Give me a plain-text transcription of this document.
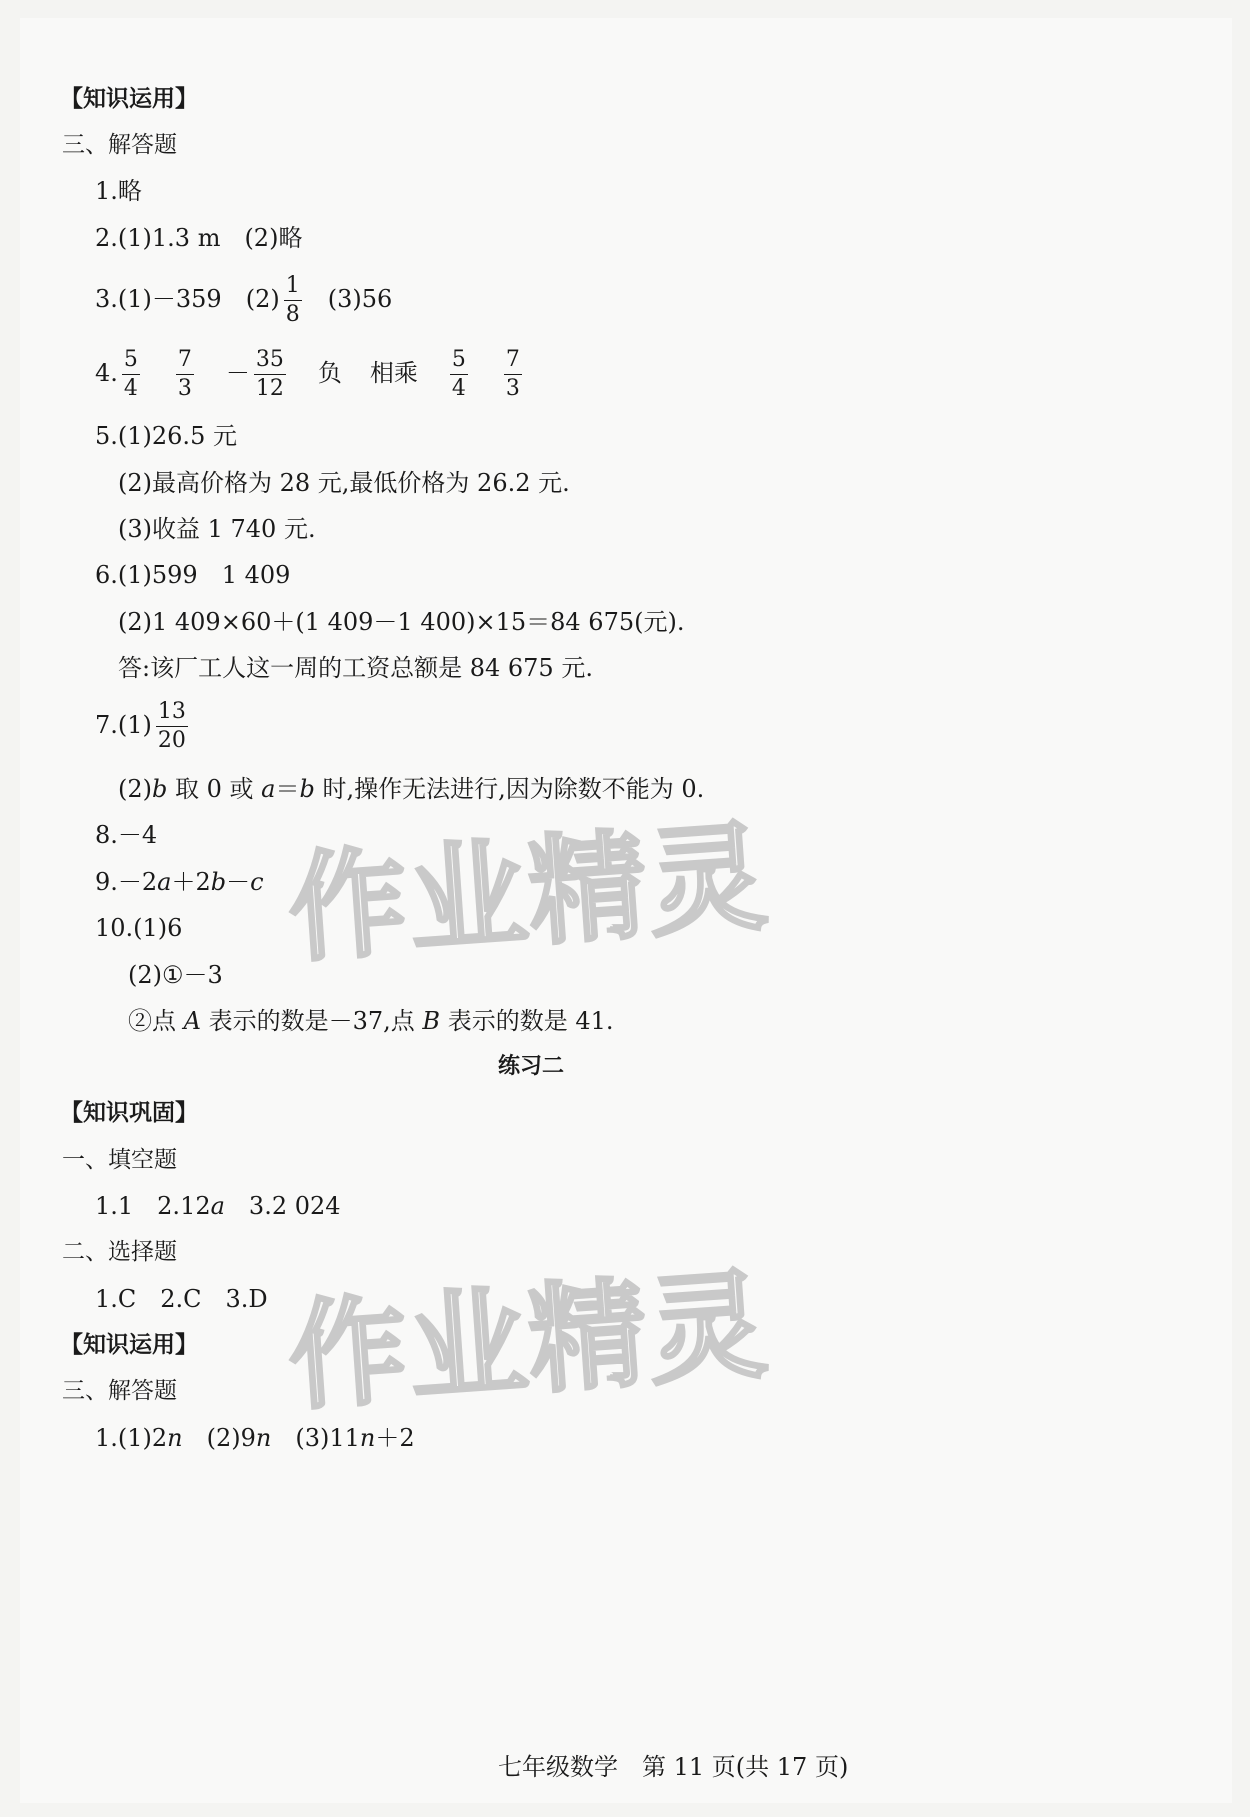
【知识运用】
三、解答题
1.略
2.(1)1.3 m　(2)略
3.(1)－359　$(2) \frac{1}{8} (3)56$
4. $\frac{5}{4} \frac{7}{3} - \frac{35}{12}$ 负 相乘 $\frac{5}{4} \frac{7}{3}$
5.(1)26.5 元
(2)最高价格为 28 元,最低价格为 26.2 元.
(3)收益 1 740 元.
6.(1)599　1 409
(2)1 409×60＋(1 409－1 400)×15＝84 675(元).
答:该厂工人这一周的工资总额是 84 675 元.
$7.(1) \frac{13}{20}$
(2)b 取 0 或 a＝b 时,操作无法进行,因为除数不能为 0.
8.－4
9.－2a＋2b－c
10.(1)6
(2)①－3
②点 A 表示的数是－37,点 B 表示的数是 41.
练习二
【知识巩固】
一、填空题
1.1　2.12a　3.2 024
二、选择题
1.C　2.C　3.D
【知识运用】
三、解答题
1.(1)2n　(2)9n　(3)11n＋2
作业精灵
作业精灵
七年级数学　第 11 页(共 17 页)
